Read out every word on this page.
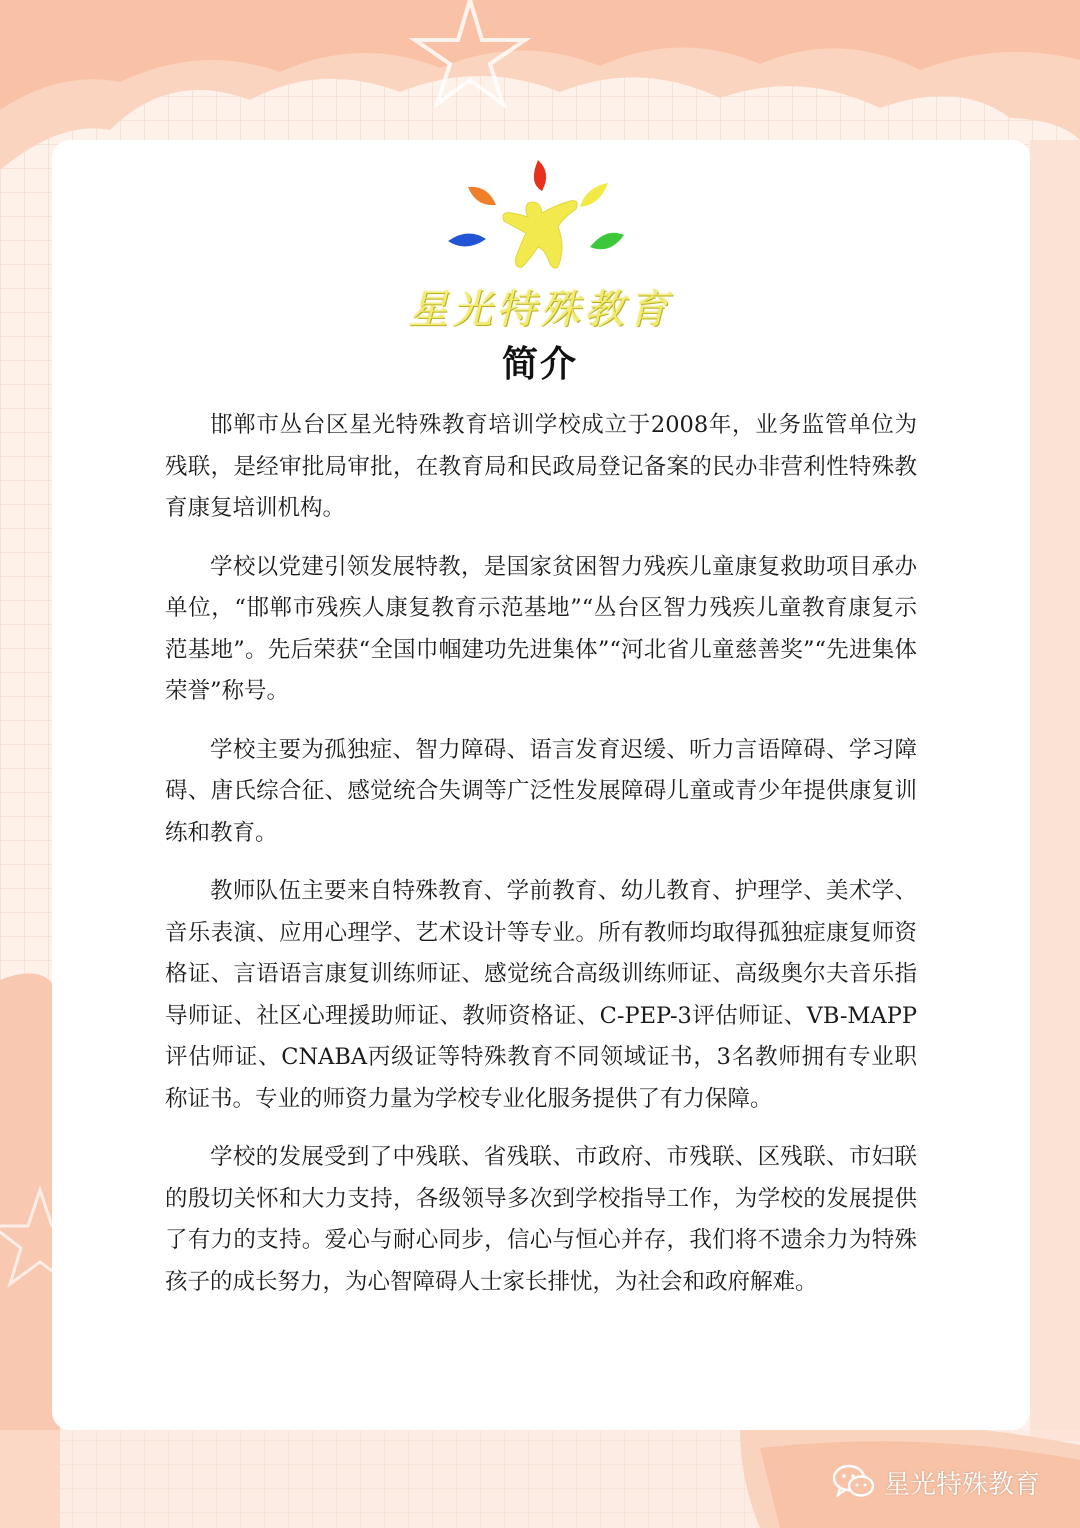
星光特殊教育
简介

邯郸市丛台区星光特殊教育培训学校成立于2008年，业务监管单位为残联，是经审批局审批，在教育局和民政局登记备案的民办非营利性特殊教育康复培训机构。

学校以党建引领发展特教，是国家贫困智力残疾儿童康复救助项目承办单位，“邯郸市残疾人康复教育示范基地”“丛台区智力残疾儿童教育康复示范基地”。先后荣获“全国巾帼建功先进集体”“河北省儿童慈善奖”“先进集体荣誉”称号。

学校主要为孤独症、智力障碍、语言发育迟缓、听力言语障碍、学习障碍、唐氏综合征、感觉统合失调等广泛性发展障碍儿童或青少年提供康复训练和教育。

教师队伍主要来自特殊教育、学前教育、幼儿教育、护理学、美术学、音乐表演、应用心理学、艺术设计等专业。所有教师均取得孤独症康复师资格证、言语语言康复训练师证、感觉统合高级训练师证、高级奥尔夫音乐指导师证、社区心理援助师证、教师资格证、C-PEP-3评估师证、VB-MAPP评估师证、CNABA丙级证等特殊教育不同领域证书，3名教师拥有专业职称证书。专业的师资力量为学校专业化服务提供了有力保障。

学校的发展受到了中残联、省残联、市政府、市残联、区残联、市妇联的殷切关怀和大力支持，各级领导多次到学校指导工作，为学校的发展提供了有力的支持。爱心与耐心同步，信心与恒心并存，我们将不遗余力为特殊孩子的成长努力，为心智障碍人士家长排忧，为社会和政府解难。

星光特殊教育
